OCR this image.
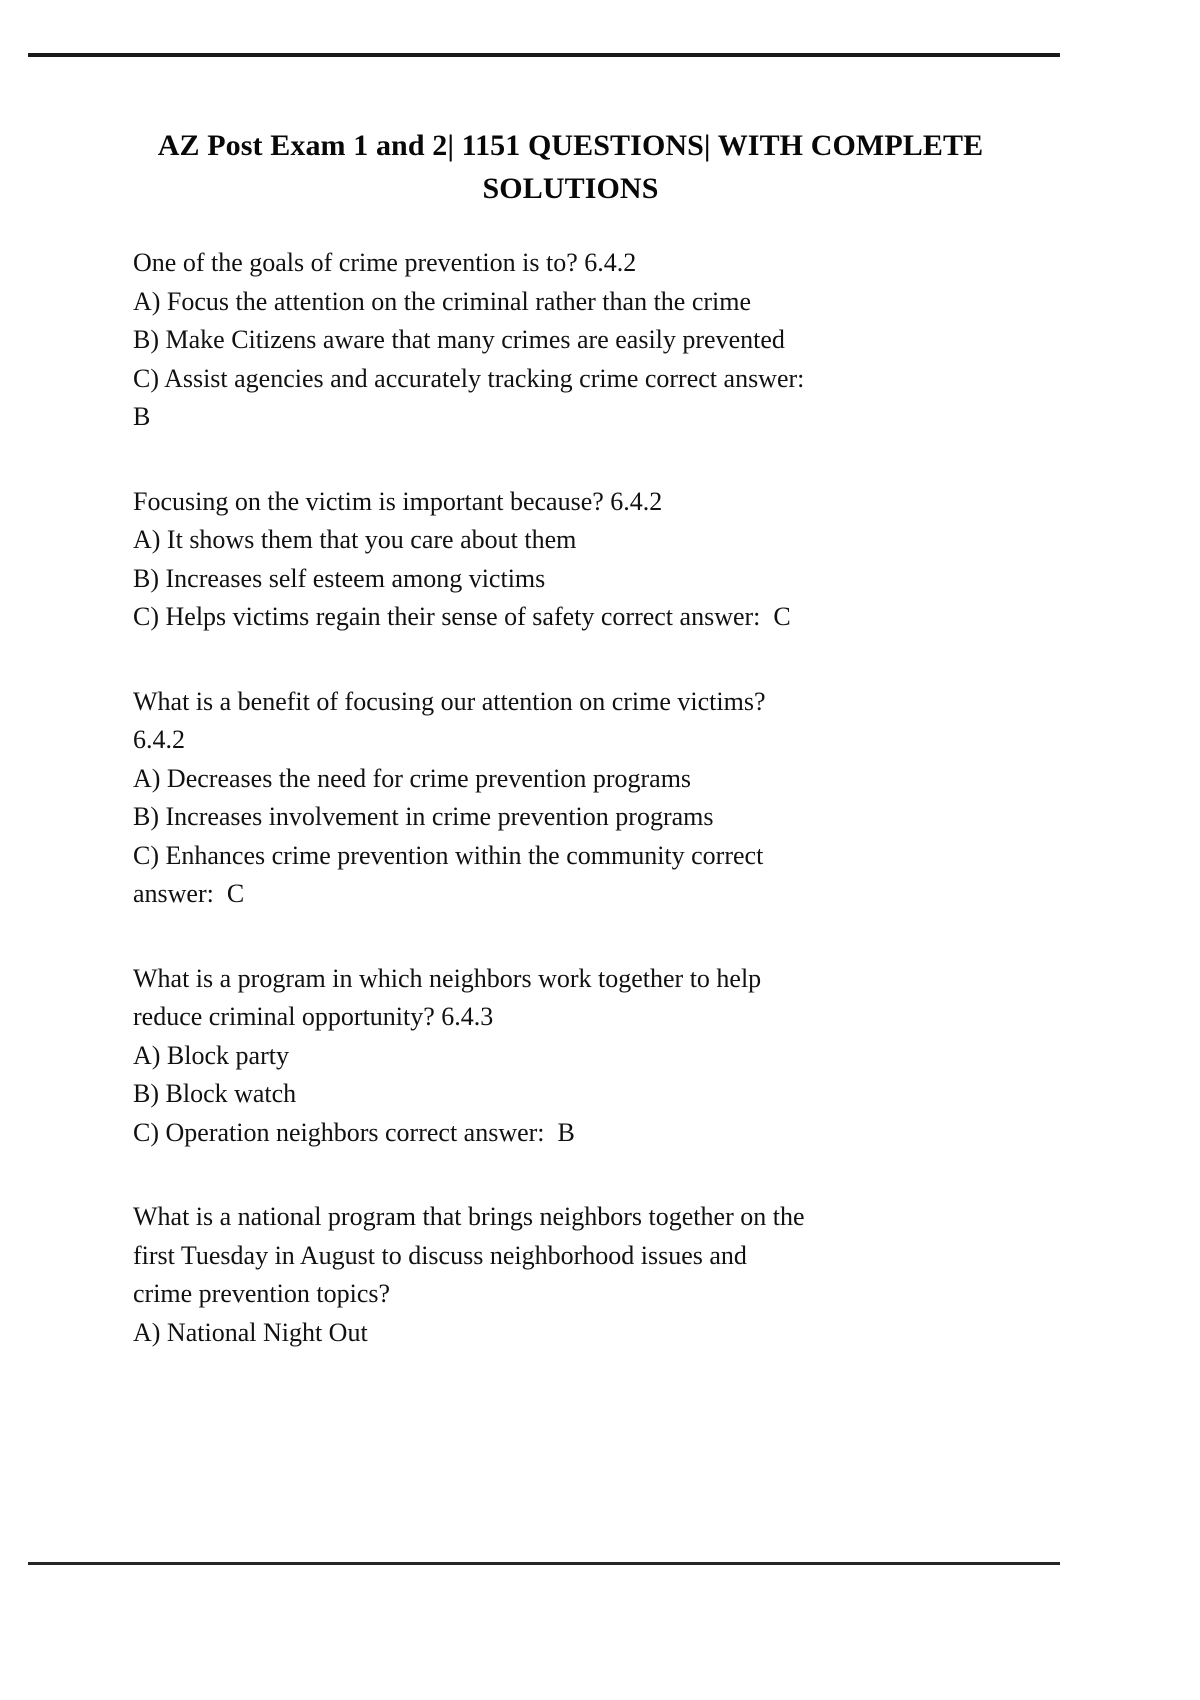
AZ Post Exam 1 and 2| 1151 QUESTIONS| WITH COMPLETE SOLUTIONS

One of the goals of crime prevention is to? 6.4.2

A) Focus the attention on the criminal rather than the crime

B) Make Citizens aware that many crimes are easily prevented

C) Assist agencies and accurately tracking crime correct answer:

B

Focusing on the victim is important because? 6.4.2

A) It shows them that you care about them

B) Increases self esteem among victims

C) Helps victims regain their sense of safety correct answer:  C

What is a benefit of focusing our attention on crime victims?

6.4.2

A) Decreases the need for crime prevention programs

B) Increases involvement in crime prevention programs

C) Enhances crime prevention within the community correct

answer:  C

What is a program in which neighbors work together to help

reduce criminal opportunity? 6.4.3

A) Block party

B) Block watch

C) Operation neighbors correct answer:  B

What is a national program that brings neighbors together on the

first Tuesday in August to discuss neighborhood issues and

crime prevention topics?

A) National Night Out
